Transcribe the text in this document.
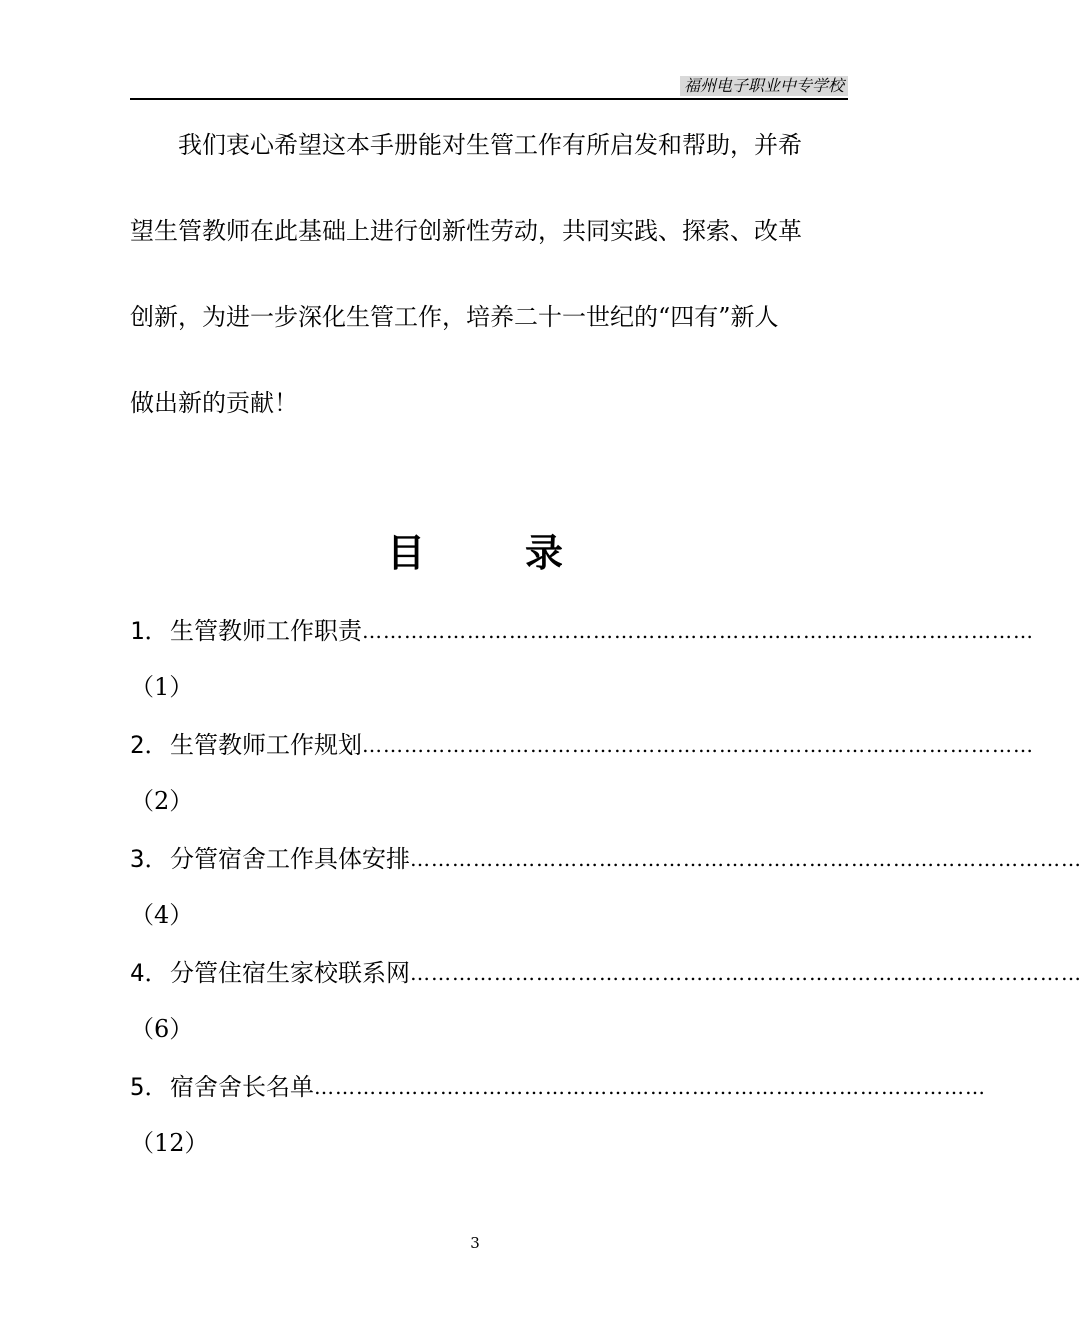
福州电子职业中专学校
　　我们衷心希望这本手册能对生管工作有所启发和帮助，并希
望生管教师在此基础上进行创新性劳动，共同实践、探索、改革
创新，为进一步深化生管工作，培养二十一世纪的“四有”新人
做出新的贡献！
目	录
1． 生管教师工作职责 ……………………………………………………………………………………
（1）
2． 生管教师工作规划 ……………………………………………………………………………………
（2）
3． 分管宿舍工作具体安排 ……………………………………………………………………………………
（4）
4． 分管住宿生家校联系网 ……………………………………………………………………………………
（6）
5． 宿舍舍长名单 ……………………………………………………………………………………
（12）
3
